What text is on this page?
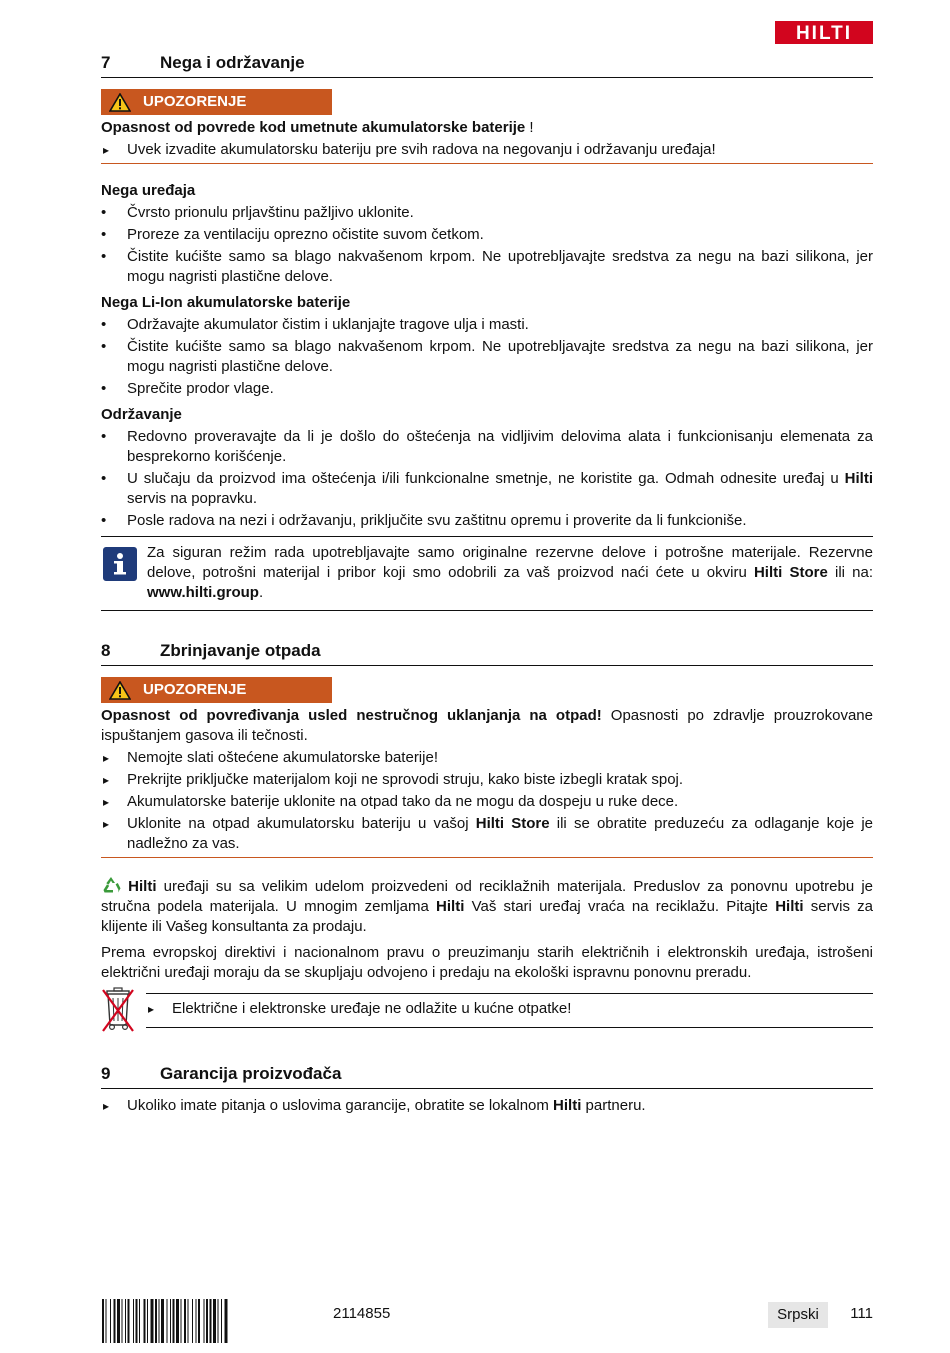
HILTI
7	Nega i održavanje
UPOZORENJE

Opasnost od povrede kod umetnute akumulatorske baterije !

▸ Uvek izvadite akumulatorsku bateriju pre svih radova na negovanju i održavanju uređaja!

Nega uređaja

• Čvrsto prionulu prljavštinu pažljivo uklonite.
• Proreze za ventilaciju oprezno očistite suvom četkom.
• Čistite kućište samo sa blago nakvašenom krpom. Ne upotrebljavajte sredstva za negu na bazi silikona, jer mogu nagristi plastične delove.

Nega Li-Ion akumulatorske baterije

• Održavajte akumulator čistim i uklanjajte tragove ulja i masti.
• Čistite kućište samo sa blago nakvašenom krpom. Ne upotrebljavajte sredstva za negu na bazi silikona, jer mogu nagristi plastične delove.
• Sprečite prodor vlage.

Održavanje

• Redovno proveravajte da li je došlo do oštećenja na vidljivim delovima alata i funkcionisanju elemenata za besprekorno korišćenje.
• U slučaju da proizvod ima oštećenja i/ili funkcionalne smetnje, ne koristite ga. Odmah odnesite uređaj u Hilti servis na popravku.
• Posle radova na nezi i održavanju, priključite svu zaštitnu opremu i proverite da li funkcioniše.

Za siguran režim rada upotrebljavajte samo originalne rezervne delove i potrošne materijale. Rezervne delove, potrošni materijal i pribor koji smo odobrili za vaš proizvod naći ćete u okviru Hilti Store ili na: www.hilti.group.

8	Zbrinjavanje otpada
UPOZORENJE

Opasnost od povređivanja usled nestručnog uklanjanja na otpad! Opasnosti po zdravlje prouzrokovane ispuštanjem gasova ili tečnosti.

▸ Nemojte slati oštećene akumulatorske baterije!
▸ Prekrijte priključke materijalom koji ne sprovodi struju, kako biste izbegli kratak spoj.
▸ Akumulatorske baterije uklonite na otpad tako da ne mogu da dospeju u ruke dece.
▸ Uklonite na otpad akumulatorsku bateriju u vašoj Hilti Store ili se obratite preduzeću za odlaganje koje je nadležno za vas.

Hilti uređaji su sa velikim udelom proizvedeni od reciklažnih materijala. Preduslov za ponovnu upotrebu je stručna podela materijala. U mnogim zemljama Hilti Vaš stari uređaj vraća na reciklažu. Pitajte Hilti servis za klijente ili Vašeg konsultanta za prodaju.

Prema evropskoj direktivi i nacionalnom pravu o preuzimanju starih električnih i elektronskih uređaja, istrošeni električni uređaji moraju da se skupljaju odvojeno i predaju na ekološki ispravnu ponovnu preradu.

▸ Električne i elektronske uređaje ne odlažite u kućne otpatke!
9	Garancija proizvođača
▸ Ukoliko imate pitanja o uslovima garancije, obratite se lokalnom Hilti partneru.
2114855	Srpski 111
